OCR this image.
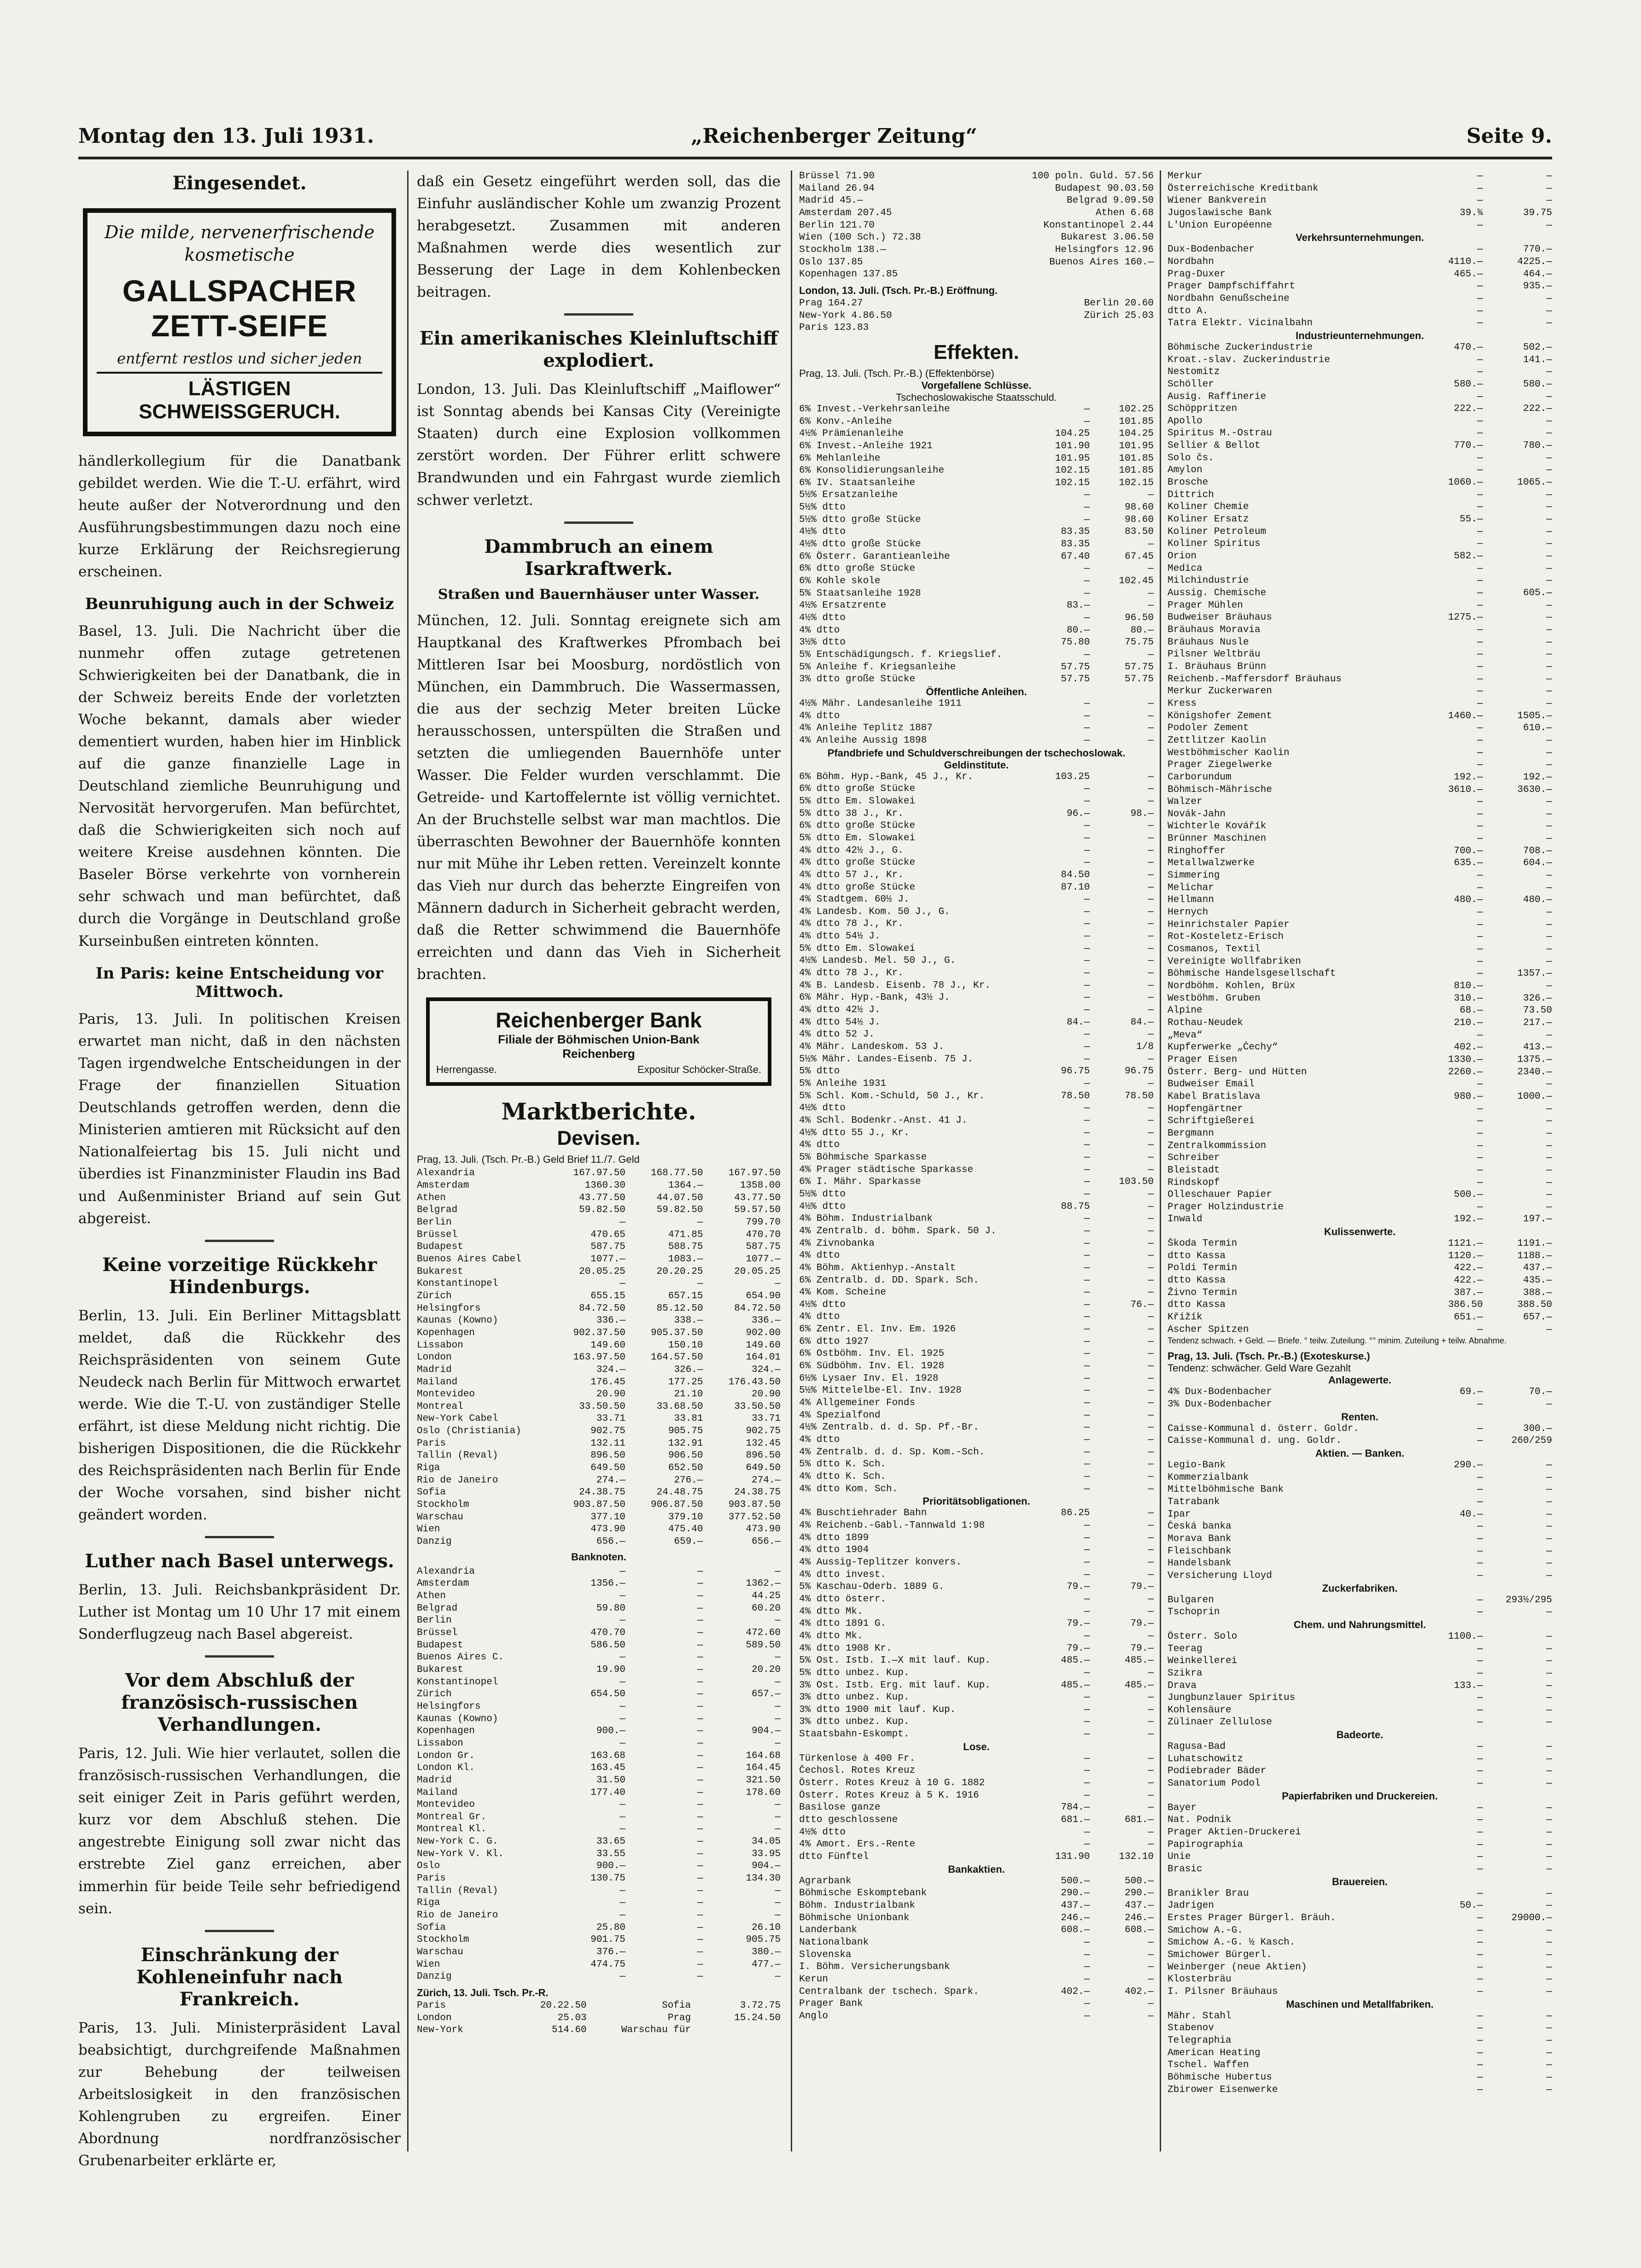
Montag den 13. Juli 1931.	„Reichenberger Zeitung“	Seite 9.
Eingesendet.
Die milde, nervenerfrischende kosmetische
GALLSPACHER ZETT-SEIFE
entfernt restlos und sicher jeden
LÄSTIGEN SCHWEISSGERUCH.

händlerkollegium für die Danatbank gebildet werden. Wie die T.-U. erfährt, wird heute außer der Notverordnung und den Ausführungsbestimmungen dazu noch eine kurze Erklärung der Reichsregierung erscheinen.

Beunruhigung auch in der Schweiz

Basel, 13. Juli. Die Nachricht über die nunmehr offen zutage getretenen Schwierigkeiten bei der Danatbank, die in der Schweiz bereits Ende der vorletzten Woche bekannt, damals aber wieder dementiert wurden, haben hier im Hinblick auf die ganze finanzielle Lage in Deutschland ziemliche Beunruhigung und Nervosität hervorgerufen. Man befürchtet, daß die Schwierigkeiten sich noch auf weitere Kreise ausdehnen könnten. Die Baseler Börse verkehrte von vornherein sehr schwach und man befürchtet, daß durch die Vorgänge in Deutschland große Kurseinbußen eintreten könnten.

In Paris: keine Entscheidung vor Mittwoch.

Paris, 13. Juli. In politischen Kreisen erwartet man nicht, daß in den nächsten Tagen irgendwelche Entscheidungen in der Frage der finanziellen Situation Deutschlands getroffen werden, denn die Ministerien amtieren mit Rücksicht auf den Nationalfeiertag bis 15. Juli nicht und überdies ist Finanzminister Flaudin ins Bad und Außenminister Briand auf sein Gut abgereist.

Keine vorzeitige Rückkehr Hindenburgs.

Berlin, 13. Juli. Ein Berliner Mittagsblatt meldet, daß die Rückkehr des Reichspräsidenten von seinem Gute Neudeck nach Berlin für Mittwoch erwartet werde. Wie die T.-U. von zuständiger Stelle erfährt, ist diese Meldung nicht richtig. Die bisherigen Dispositionen, die die Rückkehr des Reichspräsidenten nach Berlin für Ende der Woche vorsahen, sind bisher nicht geändert worden.

Luther nach Basel unterwegs.

Berlin, 13. Juli. Reichsbankpräsident Dr. Luther ist Montag um 10 Uhr 17 mit einem Sonderflugzeug nach Basel abgereist.

Vor dem Abschluß der französisch-russischen Verhandlungen.

Paris, 12. Juli. Wie hier verlautet, sollen die französisch-russischen Verhandlungen, die seit einiger Zeit in Paris geführt werden, kurz vor dem Abschluß stehen. Die angestrebte Einigung soll zwar nicht das erstrebte Ziel ganz erreichen, aber immerhin für beide Teile sehr befriedigend sein.

Einschränkung der Kohleneinfuhr nach Frankreich.

Paris, 13. Juli. Ministerpräsident Laval beabsichtigt, durchgreifende Maßnahmen zur Behebung der teilweisen Arbeitslosigkeit in den französischen Kohlengruben zu ergreifen. Einer Abordnung nordfranzösischer Grubenarbeiter erklärte er,

daß ein Gesetz eingeführt werden soll, das die Einfuhr ausländischer Kohle um zwanzig Prozent herabgesetzt. Zusammen mit anderen Maßnahmen werde dies wesentlich zur Besserung der Lage in dem Kohlenbecken beitragen.

Ein amerikanisches Kleinluftschiff explodiert.

London, 13. Juli. Das Kleinluftschiff „Maiflower“ ist Sonntag abends bei Kansas City (Vereinigte Staaten) durch eine Explosion vollkommen zerstört worden. Der Führer erlitt schwere Brandwunden und ein Fahrgast wurde ziemlich schwer verletzt.

Dammbruch an einem Isarkraftwerk.
Straßen und Bauernhäuser unter Wasser.

München, 12. Juli. Sonntag ereignete sich am Hauptkanal des Kraftwerkes Pfrombach bei Mittleren Isar bei Moosburg, nordöstlich von München, ein Dammbruch. Die Wassermassen, die aus der sechzig Meter breiten Lücke herausschossen, unterspülten die Straßen und setzten die umliegenden Bauernhöfe unter Wasser. Die Felder wurden verschlammt. Die Getreide- und Kartoffelernte ist völlig vernichtet. An der Bruchstelle selbst war man machtlos. Die überraschten Bewohner der Bauernhöfe konnten nur mit Mühe ihr Leben retten. Vereinzelt konnte das Vieh nur durch das beherzte Eingreifen von Männern dadurch in Sicherheit gebracht werden, daß die Retter schwimmend die Bauernhöfe erreichten und dann das Vieh in Sicherheit brachten.

Reichenberger Bank
Filiale der Böhmischen Union-Bank
Reichenberg
Herrengasse.	Expositur Schöcker-Straße.
Marktberichte.
Devisen.
Prag, 13. Juli. (Tsch. Pr.-B.) Geld Brief 11./7. Geld
Alexandria	167.97.50	168.77.50	167.97.50
Amsterdam	1360.30	1364.—	1358.00
Athen	43.77.50	44.07.50	43.77.50
Belgrad	59.82.50	59.82.50	59.57.50
Berlin	—	—	799.70
Brüssel	470.65	471.85	470.70
Budapest	587.75	588.75	587.75
Buenos Aires Cabel	1077.—	1083.—	1077.—
Bukarest	20.05.25	20.20.25	20.05.25
Konstantinopel	—	—	—
Zürich	655.15	657.15	654.90
Helsingfors	84.72.50	85.12.50	84.72.50
Kaunas (Kowno)	336.—	338.—	336.—
Kopenhagen	902.37.50	905.37.50	902.00
Lissabon	149.60	150.10	149.60
London	163.97.50	164.57.50	164.01
Madrid	324.—	326.—	324.—
Mailand	176.45	177.25	176.43.50
Montevideo	20.90	21.10	20.90
Montreal	33.50.50	33.68.50	33.50.50
New-York Cabel	33.71	33.81	33.71
Oslo (Christiania)	902.75	905.75	902.75
Paris	132.11	132.91	132.45
Tallin (Reval)	896.50	906.50	896.50
Riga	649.50	652.50	649.50
Rio de Janeiro	274.—	276.—	274.—
Sofia	24.38.75	24.48.75	24.38.75
Stockholm	903.87.50	906.87.50	903.87.50
Warschau	377.10	379.10	377.52.50
Wien	473.90	475.40	473.90
Danzig	656.—	659.—	656.—
Banknoten.
Alexandria	—	—	—
Amsterdam	1356.—	—	1362.—
Athen	—	—	44.25
Belgrad	59.80	—	60.20
Berlin	—	—	—
Brüssel	470.70	—	472.60
Budapest	586.50	—	589.50
Buenos Aires C.	—	—	—
Bukarest	19.90	—	20.20
Konstantinopel	—	—	—
Zürich	654.50	—	657.—
Helsingfors	—	—	—
Kaunas (Kowno)	—	—	—
Kopenhagen	900.—	—	904.—
Lissabon	—	—	—
London Gr.	163.68	—	164.68
London Kl.	163.45	—	164.45
Madrid	31.50	—	321.50
Mailand	177.40	—	178.60
Montevideo	—	—	—
Montreal Gr.	—	—	—
Montreal Kl.	—	—	—
New-York C. G.	33.65	—	34.05
New-York V. Kl.	33.55	—	33.95
Oslo	900.—	—	904.—
Paris	130.75	—	134.30
Tallin (Reval)	—	—	—
Riga	—	—	—
Rio de Janeiro	—	—	—
Sofia	25.80	—	26.10
Stockholm	901.75	—	905.75
Warschau	376.—	—	380.—
Wien	474.75	—	477.—
Danzig	—	—	—
Zürich, 13. Juli. Tsch. Pr.-R.
Paris	20.22.50	Sofia	3.72.75
London	25.03	Prag	15.24.50
New-York	514.60	Warschau für
Brüssel 71.90	100 poln. Guld. 57.56
Mailand 26.94	Budapest 90.03.50
Madrid 45.—	Belgrad 9.09.50
Amsterdam 207.45	Athen 6.68
Berlin 121.70	Konstantinopel 2.44
Wien (100 Sch.) 72.38	Bukarest 3.06.50
Stockholm 138.—	Helsingfors 12.96
Oslo 137.85	Buenos Aires 160.—
Kopenhagen 137.85
London, 13. Juli. (Tsch. Pr.-B.) Eröffnung.
Prag 164.27	Berlin 20.60
New-York 4.86.50	Zürich 25.03
Paris 123.83
Effekten.
Prag, 13. Juli. (Tsch. Pr.-B.) (Effektenbörse)
Vorgefallene Schlüsse.
Tschechoslowakische Staatsschuld.
6% Invest.-Verkehrsanleihe	—	102.25
6% Konv.-Anleihe	—	101.85
4½% Prämienanleihe	104.25	104.25
6% Invest.-Anleihe 1921	101.90	101.95
6% Mehlanleihe	101.95	101.85
6% Konsolidierungsanleihe	102.15	101.85
6% IV. Staatsanleihe	102.15	102.15
5½% Ersatzanleihe	—	—
5½% dtto	—	98.60
5½% dtto große Stücke	—	98.60
4½% dtto	83.35	83.50
4½% dtto große Stücke	83.35	—
6% Österr. Garantieanleihe	67.40	67.45
6% dtto große Stücke	—	—
6% Kohle skole	—	102.45
5% Staatsanleihe 1928	—	—
4½% Ersatzrente	83.—	—
4½% dtto	—	96.50
4% dtto	80.—	80.—
3½% dtto	75.80	75.75
5% Entschädigungsch. f. Kriegslief.	—	—
5% Anleihe f. Kriegsanleihe	57.75	57.75
3% dtto große Stücke	57.75	57.75
Öffentliche Anleihen.
4½% Mähr. Landesanleihe 1911	—	—
4% dtto	—	—
4% Anleihe Teplitz 1887	—	—
4% Anleihe Aussig 1898	—	—
Pfandbriefe und Schuldverschreibungen der tschechoslowak. Geldinstitute.
6% Böhm. Hyp.-Bank, 45 J., Kr.	103.25	—
6% dtto große Stücke	—	—
5% dtto Em. Slowakei	—	—
5% dtto 38 J., Kr.	96.—	98.—
6% dtto große Stücke	—	—
5% dtto Em. Slowakei	—	—
4% dtto 42½ J., G.	—	—
4% dtto große Stücke	—	—
4% dtto 57 J., Kr.	84.50	—
4% dtto große Stücke	87.10	—
4% Stadtgem. 60½ J.	—	—
4% Landesb. Kom. 50 J., G.	—	—
4% dtto 78 J., Kr.	—	—
4% dtto 54½ J.	—	—
5% dtto Em. Slowakei	—	—
4½% Landesb. Mel. 50 J., G.	—	—
4% dtto 78 J., Kr.	—	—
4% B. Landesb. Eisenb. 78 J., Kr.	—	—
6% Mähr. Hyp.-Bank, 43½ J.	—	—
4% dtto 42½ J.	—	—
4% dtto 54½ J.	84.—	84.—
4% dtto 52 J.	—	—
4% Mähr. Landeskom. 53 J.	—	1/8
5½% Mähr. Landes-Eisenb. 75 J.	—	—
5% dtto	96.75	96.75
5% Anleihe 1931	—	—
5% Schl. Kom.-Schuld, 50 J., Kr.	78.50	78.50
4½% dtto	—	—
4% Schl. Bodenkr.-Anst. 41 J.	—	—
4½% dtto 55 J., Kr.	—	—
4% dtto	—	—
5% Böhmische Sparkasse	—	—
4% Prager städtische Sparkasse	—	—
6% I. Mähr. Sparkasse	—	103.50
5½% dtto	—	—
4½% dtto	88.75	—
4% Böhm. Industrialbank	—	—
4% Zentralb. d. böhm. Spark. 50 J.	—	—
4% Zivnobanka	—	—
4% dtto	—	—
4% Böhm. Aktienhyp.-Anstalt	—	—
6% Zentralb. d. DD. Spark. Sch.	—	—
4% Kom. Scheine	—	—
4½% dtto	—	76.—
4% dtto	—	—
6% Zentr. El. Inv. Em. 1926	—	—
6% dtto 1927	—	—
6% Ostböhm. Inv. El. 1925	—	—
6% Südböhm. Inv. El. 1928	—	—
6½% Lysaer Inv. El. 1928	—	—
5½% Mittelelbe-El. Inv. 1928	—	—
4% Allgemeiner Fonds	—	—
4% Spezialfond	—	—
4½% Zentralb. d. d. Sp. Pf.-Br.	—	—
4% dtto	—	—
4% Zentralb. d. d. Sp. Kom.-Sch.	—	—
5% dtto K. Sch.	—	—
4% dtto K. Sch.	—	—
4% dtto Kom. Sch.	—	—
Prioritätsobligationen.
4% Buschtiehrader Bahn	86.25	—
4% Reichenb.-Gabl.-Tannwald 1:98	—	—
4% dtto 1899	—	—
4% dtto 1904	—	—
4% Aussig-Teplitzer konvers.	—	—
4% dtto invest.	—	—
5% Kaschau-Oderb. 1889 G.	79.—	79.—
4% dtto österr.	—	—
4% dtto Mk.	—	—
4% dtto 1891 G.	79.—	79.—
4% dtto Mk.	—	—
4% dtto 1908 Kr.	79.—	79.—
5% Ost. Istb. I.—X mit lauf. Kup.	485.—	485.—
5% dtto unbez. Kup.	—	—
3% Ost. Istb. Erg. mit lauf. Kup.	485.—	485.—
3% dtto unbez. Kup.	—	—
3% dtto 1900 mit lauf. Kup.	—	—
3% dtto unbez. Kup.	—	—
Staatsbahn-Eskompt.	—	—
Lose.
Türkenlose à 400 Fr.	—	—
Čechosl. Rotes Kreuz	—	—
Österr. Rotes Kreuz à 10 G. 1882	—	—
Österr. Rotes Kreuz à 5 K. 1916	—	—
Basilose ganze	784.—	—
dtto geschlossene	681.—	681.—
4½% dtto	—	—
4% Amort. Ers.-Rente	—	—
dtto Fünftel	131.90	132.10
Bankaktien.
Agrarbank	500.—	500.—
Böhmische Eskomptebank	290.—	290.—
Böhm. Industrialbank	437.—	437.—
Böhmische Unionbank	246.—	246.—
Landerbank	608.—	608.—
Nationalbank	—	—
Slovenska	—	—
I. Böhm. Versicherungsbank	—	—
Kerun	—	—
Centralbank der tschech. Spark.	402.—	402.—
Prager Bank	—	—
Anglo	—	—
Merkur	—	—
Österreichische Kreditbank	—	—
Wiener Bankverein	—	—
Jugoslawische Bank	39.¾	39.75
L'Union Européenne	—	—
Verkehrsunternehmungen.
Dux-Bodenbacher	—	770.—
Nordbahn	4110.—	4225.—
Prag-Duxer	465.—	464.—
Prager Dampfschiffahrt	—	935.—
Nordbahn Genußscheine	—	—
dtto A.	—	—
Tatra Elektr. Vicinalbahn	—	—
Industrieunternehmungen.
Böhmische Zuckerindustrie	470.—	502.—
Kroat.-slav. Zuckerindustrie	—	141.—
Nestomitz	—	—
Schöller	580.—	580.—
Ausig. Raffinerie	—	—
Schöppritzen	222.—	222.—
Apollo	—	—
Spiritus M.-Ostrau	—	—
Sellier & Bellot	770.—	780.—
Solo čs.	—	—
Amylon	—	—
Brosche	1060.—	1065.—
Dittrich	—	—
Koliner Chemie	—	—
Koliner Ersatz	55.—	—
Koliner Petroleum	—	—
Koliner Spiritus	—	—
Orion	582.—	—
Medica	—	—
Milchindustrie	—	—
Aussig. Chemische	—	605.—
Prager Mühlen	—	—
Budweiser Bräuhaus	1275.—	—
Bräuhaus Moravia	—	—
Bräuhaus Nusle	—	—
Pilsner Weltbräu	—	—
I. Bräuhaus Brünn	—	—
Reichenb.-Maffersdorf Bräuhaus	—	—
Merkur Zuckerwaren	—	—
Kress	—	—
Königshofer Zement	1460.—	1505.—
Podoler Zement	—	610.—
Zettlitzer Kaolin	—	—
Westböhmischer Kaolin	—	—
Prager Ziegelwerke	—	—
Carborundum	192.—	192.—
Böhmisch-Mährische	3610.—	3630.—
Walzer	—	—
Novák-Jahn	—	—
Wichterle Kovářík	—	—
Brünner Maschinen	—	—
Ringhoffer	700.—	708.—
Metallwalzwerke	635.—	604.—
Simmering	—	—
Melichar	—	—
Hellmann	480.—	480.—
Hernych	—	—
Heinrichstaler Papier	—	—
Rot-Kosteletz-Erisch	—	—
Cosmanos, Textil	—	—
Vereinigte Wollfabriken	—	—
Böhmische Handelsgesellschaft	—	1357.—
Nordböhm. Kohlen, Brüx	810.—	—
Westböhm. Gruben	310.—	326.—
Alpine	68.—	73.50
Rothau-Neudek	210.—	217.—
„Meva“	—	—
Kupferwerke „Čechy“	402.—	413.—
Prager Eisen	1330.—	1375.—
Österr. Berg- und Hütten	2260.—	2340.—
Budweiser Email	—	—
Kabel Bratislava	980.—	1000.—
Hopfengärtner	—	—
Schriftgießerei	—	—
Bergmann	—	—
Zentralkommission	—	—
Schreiber	—	—
Bleistadt	—	—
Rindskopf	—	—
Olleschauer Papier	500.—	—
Prager Holzindustrie	—	—
Inwald	192.—	197.—
Kulissenwerte.
Škoda Termin	1121.—	1191.—
dtto Kassa	1120.—	1188.—
Poldi Termin	422.—	437.—
dtto Kassa	422.—	435.—
Živno Termin	387.—	388.—
dtto Kassa	386.50	388.50
Křižík	651.—	657.—
Ascher Spitzen	—	—
Tendenz schwach. + Geld. — Briefe. ° teilw. Zuteilung. °° minim. Zuteilung + teilw. Abnahme.
Prag, 13. Juli. (Tsch. Pr.-B.) (Exoteskurse.)
Tendenz: schwächer. Geld Ware Gezahlt
Anlagewerte.
4% Dux-Bodenbacher	69.—	70.—
3% Dux-Bodenbacher	—	—
Renten.
Caisse-Kommunal d. österr. Goldr.	—	300.—
Caisse-Kommunal d. ung. Goldr.	—	260/259
Aktien. — Banken.
Legio-Bank	290.—	—
Kommerzialbank	—	—
Mittelböhmische Bank	—	—
Tatrabank	—	—
Ipar	40.—	—
Česká banka	—	—
Morava Bank	—	—
Fleischbank	—	—
Handelsbank	—	—
Versicherung Lloyd	—	—
Zuckerfabriken.
Bulgaren	—	293½/295
Tschoprin	—	—
Chem. und Nahrungsmittel.
Österr. Solo	1100.—	—
Teerag	—	—
Weinkellerei	—	—
Szikra	—	—
Drava	133.—	—
Jungbunzlauer Spiritus	—	—
Kohlensäure	—	—
Zülinaer Zellulose	—	—
Badeorte.
Ragusa-Bad	—	—
Luhatschowitz	—	—
Podiebrader Bäder	—	—
Sanatorium Podol	—	—
Papierfabriken und Druckereien.
Bayer	—	—
Nat. Podnik	—	—
Prager Aktien-Druckerei	—	—
Papirographia	—	—
Unie	—	—
Brasic	—	—
Brauereien.
Branikler Brau	—	—
Jadrigen	50.—	—
Erstes Prager Bürgerl. Bräuh.	—	29000.—
Smichow A.-G.	—	—
Smichow A.-G. ½ Kasch.	—	—
Smichower Bürgerl.	—	—
Weinberger (neue Aktien)	—	—
Klosterbräu	—	—
I. Pilsner Bräuhaus	—	—
Maschinen und Metallfabriken.
Mähr. Stahl	—	—
Stabenov	—	—
Telegraphia	—	—
American Heating	—	—
Tschel. Waffen	—	—
Böhmische Hubertus	—	—
Zbirower Eisenwerke	—	—
